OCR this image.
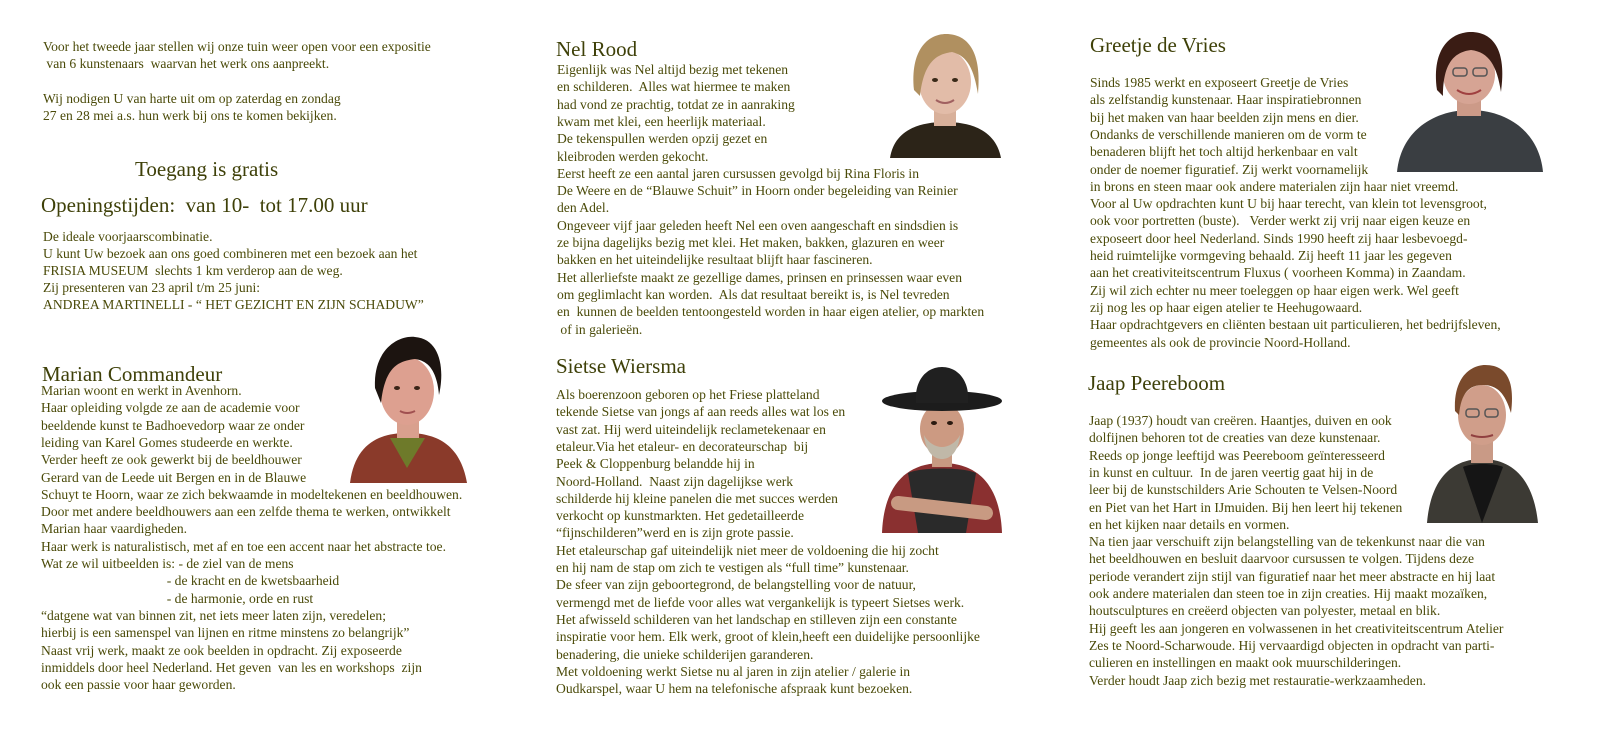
Voor het tweede jaar stellen wij onze tuin weer open voor een expositie
van 6 kunstenaars  waarvan het werk ons aanpreekt.
Wij nodigen U van harte uit om op zaterdag en zondag
27 en 28 mei a.s. hun werk bij ons te komen bekijken.
Toegang is gratis
Openingstijden:  van 10-  tot 17.00 uur
De ideale voorjaarscombinatie.
U kunt Uw bezoek aan ons goed combineren met een bezoek aan het
FRISIA MUSEUM  slechts 1 km verderop aan de weg.
Zij presenteren van 23 april t/m 25 juni:
ANDREA MARTINELLI - “ HET GEZICHT EN ZIJN SCHADUW”
Marian Commandeur
Marian woont en werkt in Avenhorn.
Haar opleiding volgde ze aan de academie voor
beeldende kunst te Badhoevedorp waar ze onder
leiding van Karel Gomes studeerde en werkte.
Verder heeft ze ook gewerkt bij de beeldhouwer
Gerard van de Leede uit Bergen en in de Blauwe
Schuyt te Hoorn, waar ze zich bekwaamde in modeltekenen en beeldhouwen.
Door met andere beeldhouwers aan een zelfde thema te werken, ontwikkelt
Marian haar vaardigheden.
Haar werk is naturalistisch, met af en toe een accent naar het abstracte toe.
Wat ze wil uitbeelden is: - de ziel van de mens
- de kracht en de kwetsbaarheid
- de harmonie, orde en rust
“datgene wat van binnen zit, net iets meer laten zijn, veredelen;
hierbij is een samenspel van lijnen en ritme minstens zo belangrijk”
Naast vrij werk, maakt ze ook beelden in opdracht. Zij exposeerde
inmiddels door heel Nederland. Het geven  van les en workshops  zijn
ook een passie voor haar geworden.
Nel Rood
Eigenlijk was Nel altijd bezig met tekenen
en schilderen.  Alles wat hiermee te maken
had vond ze prachtig, totdat ze in aanraking
kwam met klei, een heerlijk materiaal.
De tekenspullen werden opzij gezet en
kleibroden werden gekocht.
Eerst heeft ze een aantal jaren cursussen gevolgd bij Rina Floris in
De Weere en de “Blauwe Schuit” in Hoorn onder begeleiding van Reinier
den Adel.
Ongeveer vijf jaar geleden heeft Nel een oven aangeschaft en sindsdien is
ze bijna dagelijks bezig met klei. Het maken, bakken, glazuren en weer
bakken en het uiteindelijke resultaat blijft haar fascineren.
Het allerliefste maakt ze gezellige dames, prinsen en prinsessen waar even
om geglimlacht kan worden.  Als dat resultaat bereikt is, is Nel tevreden
en  kunnen de beelden tentoongesteld worden in haar eigen atelier, op markten
of in galerieën.
Sietse Wiersma
Als boerenzoon geboren op het Friese platteland
tekende Sietse van jongs af aan reeds alles wat los en
vast zat. Hij werd uiteindelijk reclametekenaar en
etaleur.Via het etaleur- en decorateurschap  bij
Peek & Cloppenburg belandde hij in
Noord-Holland.  Naast zijn dagelijkse werk
schilderde hij kleine panelen die met succes werden
verkocht op kunstmarkten. Het gedetailleerde
“fijnschilderen”werd en is zijn grote passie.
Het etaleurschap gaf uiteindelijk niet meer de voldoening die hij zocht
en hij nam de stap om zich te vestigen als “full time” kunstenaar.
De sfeer van zijn geboortegrond, de belangstelling voor de natuur,
vermengd met de liefde voor alles wat vergankelijk is typeert Sietses werk.
Het afwisseld schilderen van het landschap en stilleven zijn een constante
inspiratie voor hem. Elk werk, groot of klein,heeft een duidelijke persoonlijke
benadering, die unieke schilderijen garanderen.
Met voldoening werkt Sietse nu al jaren in zijn atelier / galerie in
Oudkarspel, waar U hem na telefonische afspraak kunt bezoeken.
Greetje de Vries
Sinds 1985 werkt en exposeert Greetje de Vries
als zelfstandig kunstenaar. Haar inspiratiebronnen
bij het maken van haar beelden zijn mens en dier.
Ondanks de verschillende manieren om de vorm te
benaderen blijft het toch altijd herkenbaar en valt
onder de noemer figuratief. Zij werkt voornamelijk
in brons en steen maar ook andere materialen zijn haar niet vreemd.
Voor al Uw opdrachten kunt U bij haar terecht, van klein tot levensgroot,
ook voor portretten (buste).   Verder werkt zij vrij naar eigen keuze en
exposeert door heel Nederland. Sinds 1990 heeft zij haar lesbevoegd-
heid ruimtelijke vormgeving behaald. Zij heeft 11 jaar les gegeven
aan het creativiteitscentrum Fluxus ( voorheen Komma) in Zaandam.
Zij wil zich echter nu meer toeleggen op haar eigen werk. Wel geeft
zij nog les op haar eigen atelier te Heehugowaard.
Haar opdrachtgevers en cliënten bestaan uit particulieren, het bedrijfsleven,
gemeentes als ook de provincie Noord-Holland.
Jaap Peereboom
Jaap (1937) houdt van creëren. Haantjes, duiven en ook
dolfijnen behoren tot de creaties van deze kunstenaar.
Reeds op jonge leeftijd was Peereboom geïnteresseerd
in kunst en cultuur.  In de jaren veertig gaat hij in de
leer bij de kunstschilders Arie Schouten te Velsen-Noord
en Piet van het Hart in IJmuiden. Bij hen leert hij tekenen
en het kijken naar details en vormen.
Na tien jaar verschuift zijn belangstelling van de tekenkunst naar die van
het beeldhouwen en besluit daarvoor cursussen te volgen. Tijdens deze
periode verandert zijn stijl van figuratief naar het meer abstracte en hij laat
ook andere materialen dan steen toe in zijn creaties. Hij maakt mozaïken,
houtsculptures en creëerd objecten van polyester, metaal en blik.
Hij geeft les aan jongeren en volwassenen in het creativiteitscentrum Atelier
Zes te Noord-Scharwoude. Hij vervaardigd objecten in opdracht van parti-
culieren en instellingen en maakt ook muurschilderingen.
Verder houdt Jaap zich bezig met restauratie-werkzaamheden.
